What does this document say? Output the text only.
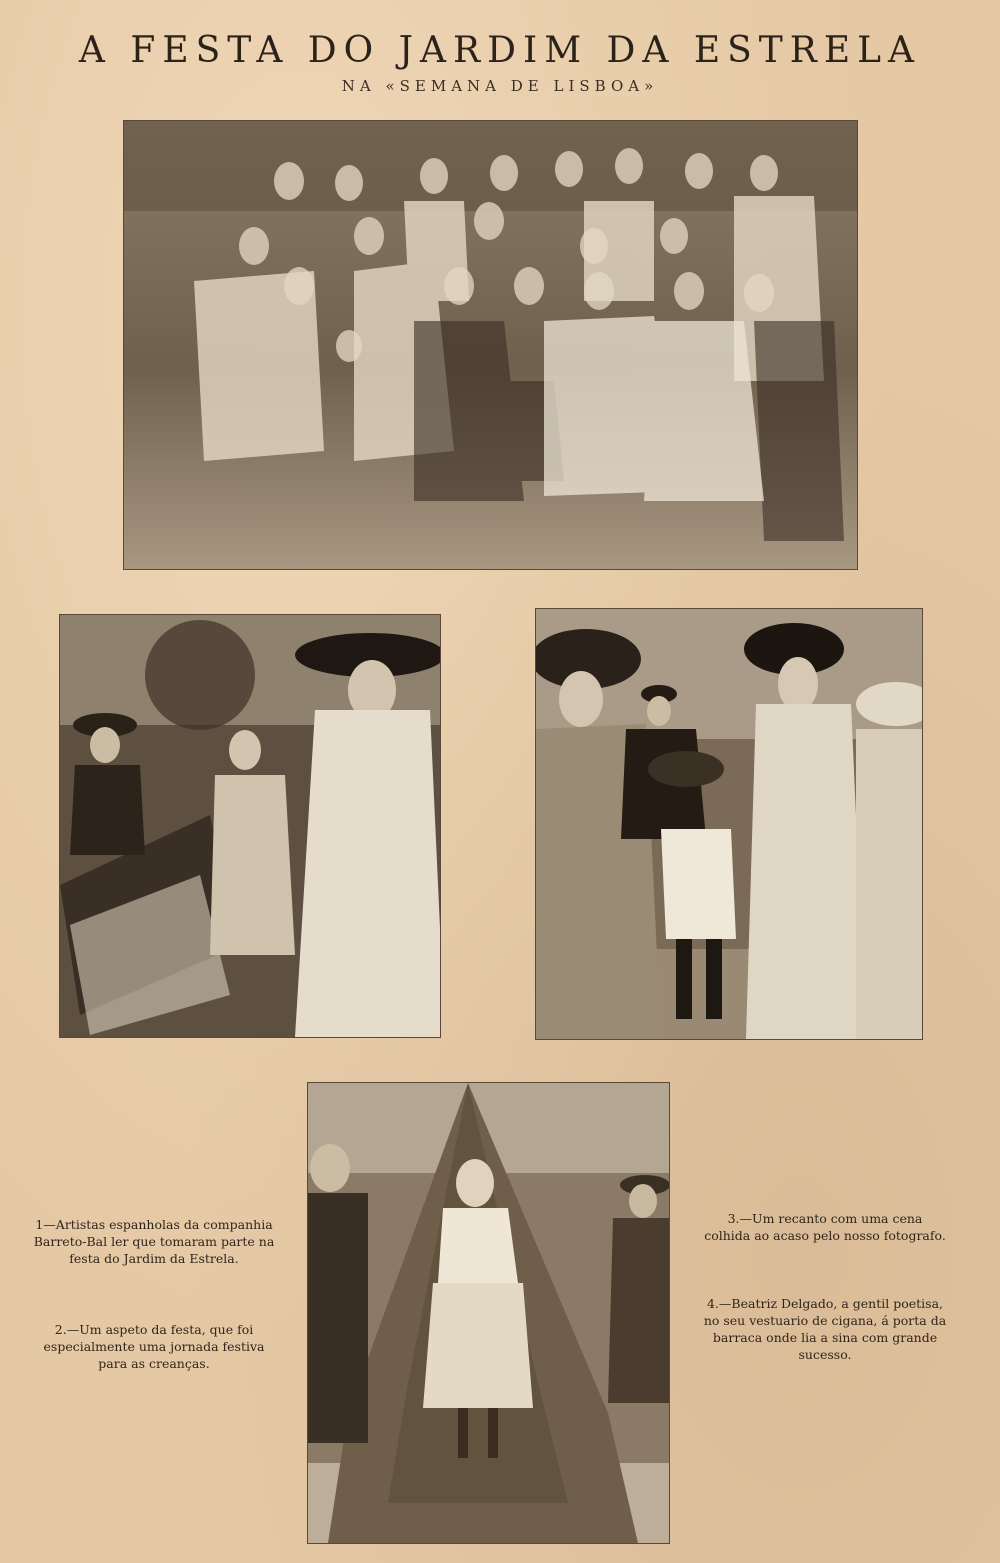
A FESTA DO JARDIM DA ESTRELA
NA «SEMANA DE LISBOA»

1—Artistas espanholas da companhia Barreto-Bal ler que tomaram parte na festa do Jardim da Estrela.

2.—Um aspeto da festa, que foi especialmente uma jornada festiva para as creanças.

3.—Um recanto com uma cena colhida ao acaso pelo nosso fotografo.

4.—Beatriz Delgado, a gentil poetisa, no seu vestuario de cigana, á porta da barraca onde lia a sina com grande sucesso.
